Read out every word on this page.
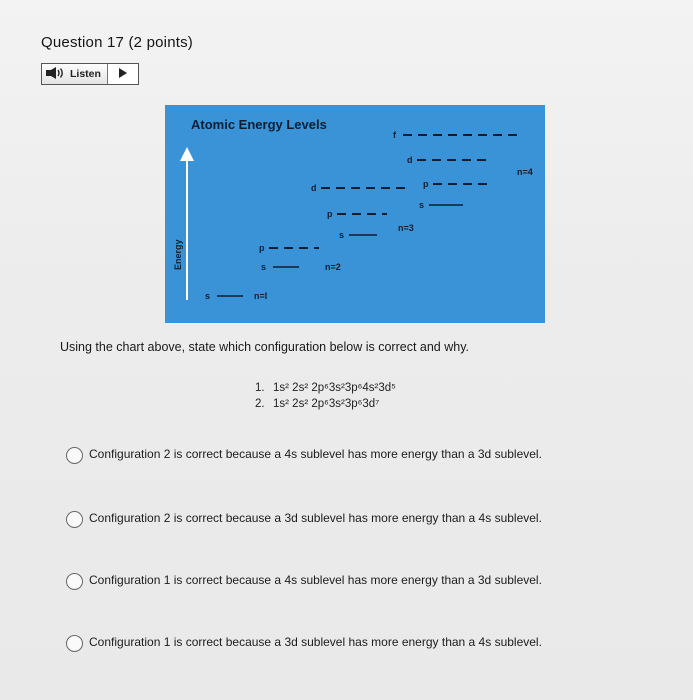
Question 17 (2 points)
Listen
Atomic Energy Levels
Energy
s	n=l
s	n=2
p
s
n=3
p
d
s
p
n=4
d
f
Using the chart above, state which configuration below is correct and why.
1. 1s² 2s² 2p⁶3s²3p⁶4s²3d⁵
2. 1s² 2s² 2p⁶3s²3p⁶3d⁷
Configuration 2 is correct because a 4s sublevel has more energy than a 3d sublevel.
Configuration 2 is correct because a 3d sublevel has more energy than a 4s sublevel.
Configuration 1 is correct because a 4s sublevel has more energy than a 3d sublevel.
Configuration 1 is correct because a 3d sublevel has more energy than a 4s sublevel.
